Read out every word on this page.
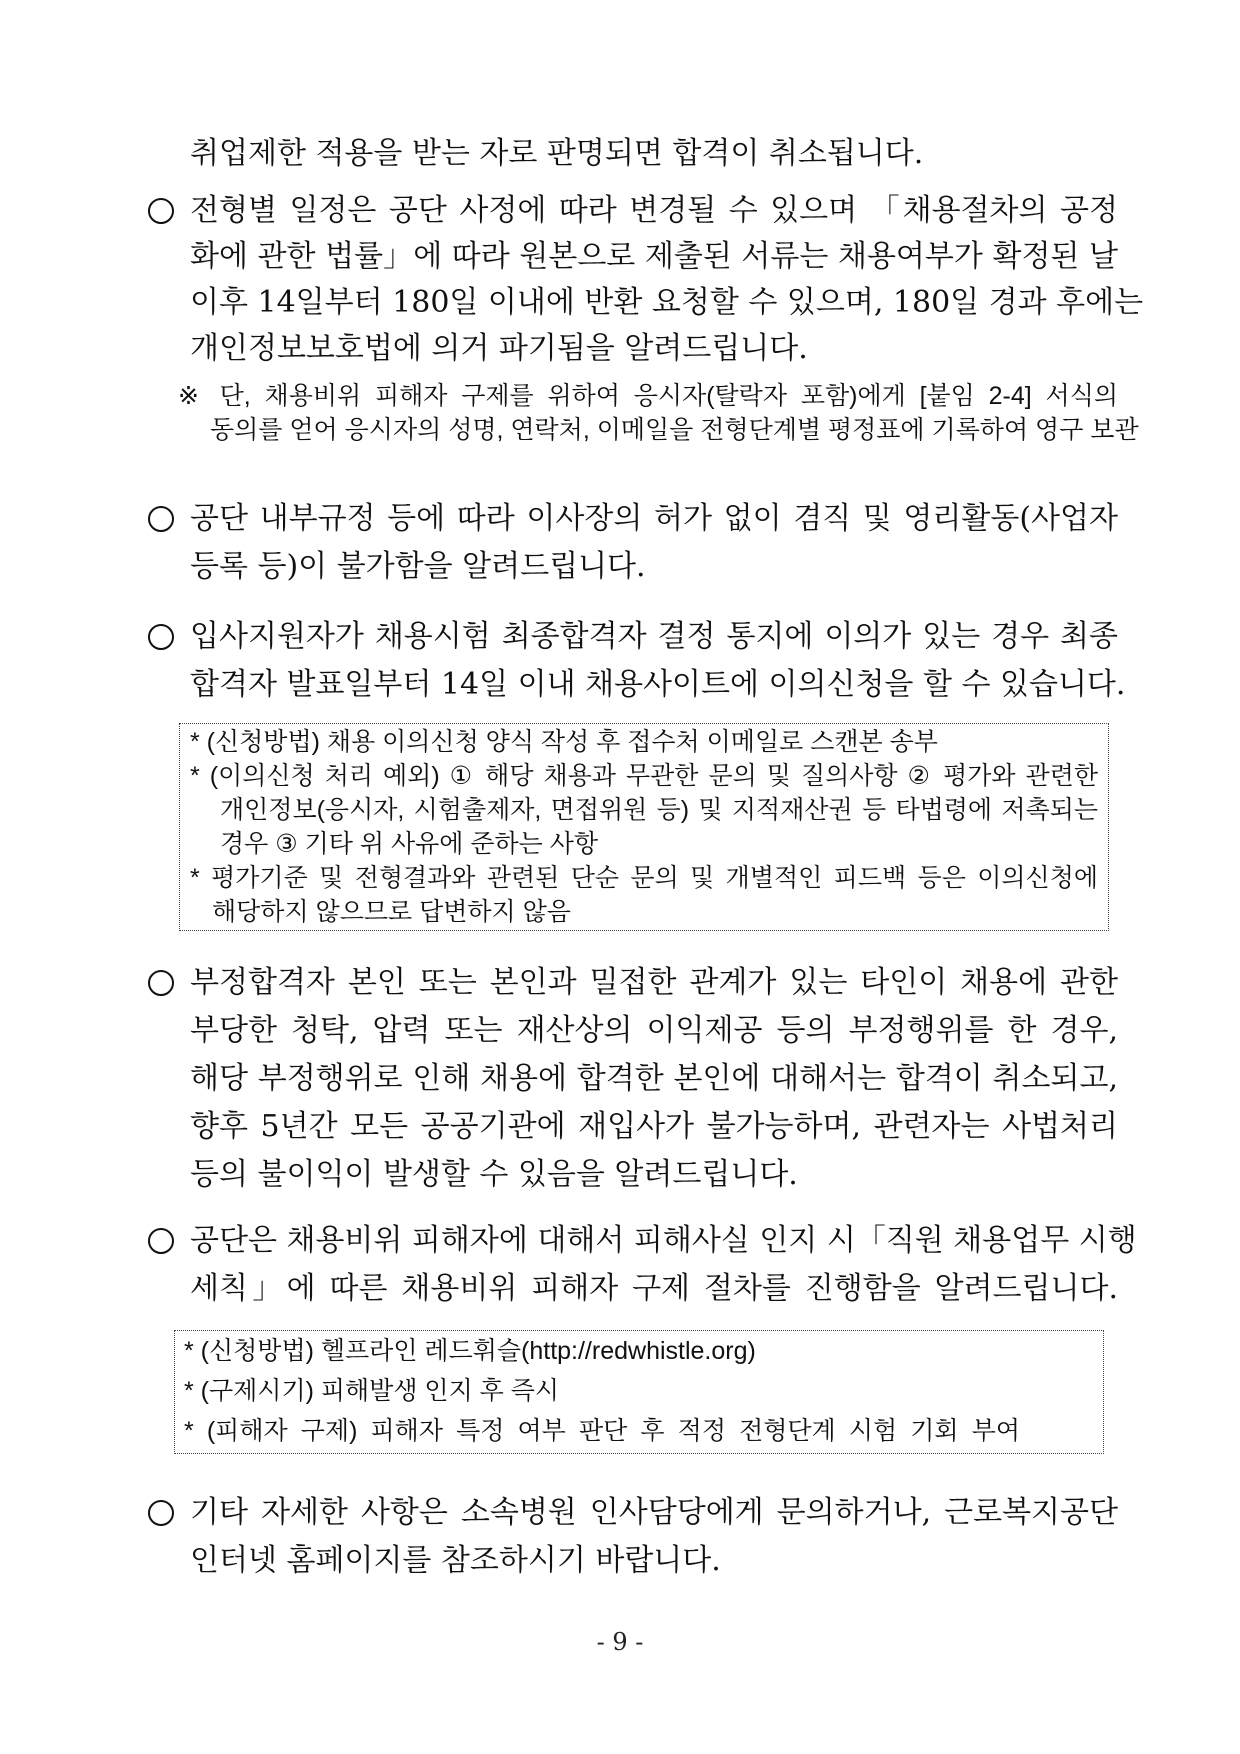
취업제한 적용을 받는 자로 판명되면 합격이 취소됩니다.
전형별 일정은 공단 사정에 따라 변경될 수 있으며 「채용절차의 공정
화에 관한 법률」에 따라 원본으로 제출된 서류는 채용여부가 확정된 날
이후 14일부터 180일 이내에 반환 요청할 수 있으며, 180일 경과 후에는
개인정보보호법에 의거 파기됨을 알려드립니다.
※ 단, 채용비위 피해자 구제를 위하여 응시자(탈락자 포함)에게 [붙임 2-4] 서식의
동의를 얻어 응시자의 성명, 연락처, 이메일을 전형단계별 평정표에 기록하여 영구 보관
공단 내부규정 등에 따라 이사장의 허가 없이 겸직 및 영리활동(사업자
등록 등)이 불가함을 알려드립니다.
입사지원자가 채용시험 최종합격자 결정 통지에 이의가 있는 경우 최종
합격자 발표일부터 14일 이내 채용사이트에 이의신청을 할 수 있습니다.
* (신청방법) 채용 이의신청 양식 작성 후 접수처 이메일로 스캔본 송부
* (이의신청 처리 예외) ① 해당 채용과 무관한 문의 및 질의사항 ② 평가와 관련한
개인정보(응시자, 시험출제자, 면접위원 등) 및 지적재산권 등 타법령에 저촉되는
경우 ③ 기타 위 사유에 준하는 사항
* 평가기준 및 전형결과와 관련된 단순 문의 및 개별적인 피드백 등은 이의신청에
해당하지 않으므로 답변하지 않음
부정합격자 본인 또는 본인과 밀접한 관계가 있는 타인이 채용에 관한
부당한 청탁, 압력 또는 재산상의 이익제공 등의 부정행위를 한 경우,
해당 부정행위로 인해 채용에 합격한 본인에 대해서는 합격이 취소되고,
향후 5년간 모든 공공기관에 재입사가 불가능하며, 관련자는 사법처리
등의 불이익이 발생할 수 있음을 알려드립니다.
공단은 채용비위 피해자에 대해서 피해사실 인지 시「직원 채용업무 시행
세칙」에 따른 채용비위 피해자 구제 절차를 진행함을 알려드립니다.
* (신청방법) 헬프라인 레드휘슬(http://redwhistle.org)
* (구제시기) 피해발생 인지 후 즉시
* (피해자 구제) 피해자 특정 여부 판단 후 적정 전형단계 시험 기회 부여
기타 자세한 사항은 소속병원 인사담당에게 문의하거나, 근로복지공단
인터넷 홈페이지를 참조하시기 바랍니다.
- 9 -
